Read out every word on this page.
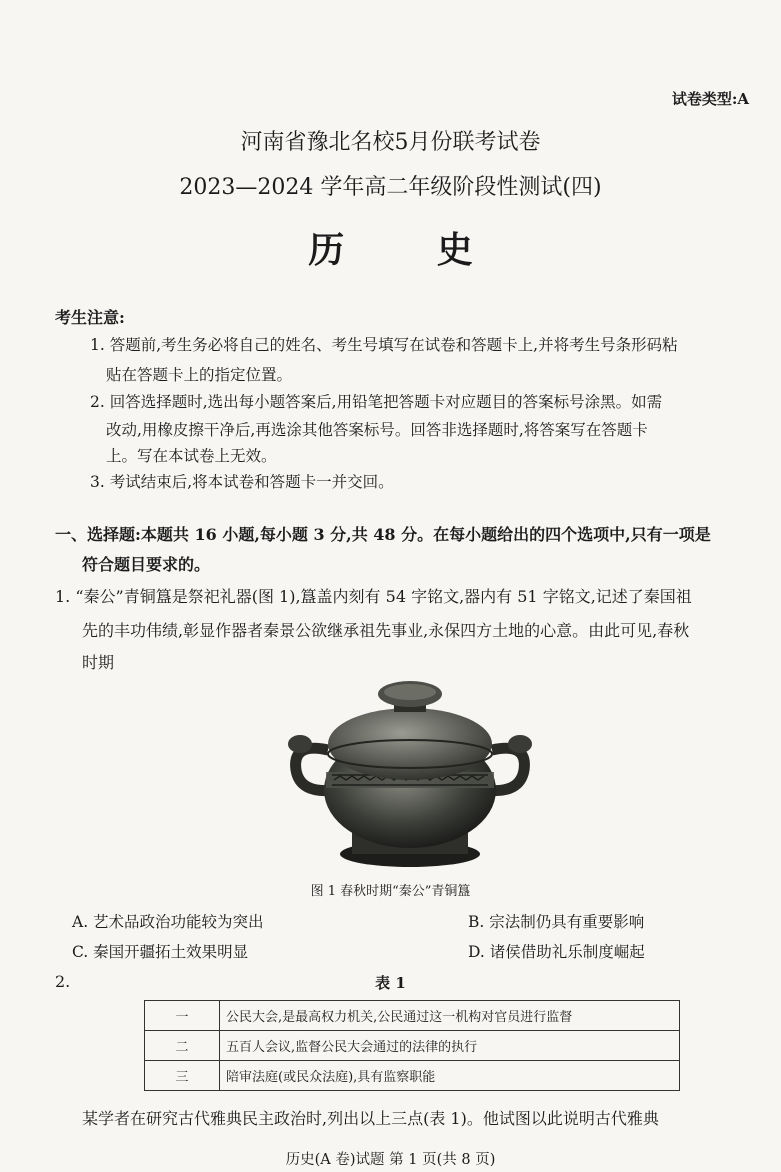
试卷类型:A
河南省豫北名校5月份联考试卷
2023—2024 学年高二年级阶段性测试(四)
历 史
考生注意:
1. 答题前,考生务必将自己的姓名、考生号填写在试卷和答题卡上,并将考生号条形码粘
贴在答题卡上的指定位置。
2. 回答选择题时,选出每小题答案后,用铅笔把答题卡对应题目的答案标号涂黑。如需
改动,用橡皮擦干净后,再选涂其他答案标号。回答非选择题时,将答案写在答题卡
上。写在本试卷上无效。
3. 考试结束后,将本试卷和答题卡一并交回。
一、选择题:本题共 16 小题,每小题 3 分,共 48 分。在每小题给出的四个选项中,只有一项是
符合题目要求的。
1. “秦公”青铜簋是祭祀礼器(图 1),簋盖内刻有 54 字铭文,器内有 51 字铭文,记述了秦国祖
先的丰功伟绩,彰显作器者秦景公欲继承祖先事业,永保四方土地的心意。由此可见,春秋
时期
图 1 春秋时期“秦公”青铜簋
A. 艺术品政治功能较为突出	B. 宗法制仍具有重要影响
C. 秦国开疆拓土效果明显	D. 诸侯借助礼乐制度崛起
2.	表 1
一	公民大会,是最高权力机关,公民通过这一机构对官员进行监督
二	五百人会议,监督公民大会通过的法律的执行
三	陪审法庭(或民众法庭),具有监察职能
某学者在研究古代雅典民主政治时,列出以上三点(表 1)。他试图以此说明古代雅典
历史(A 卷)试题 第 1 页(共 8 页)
